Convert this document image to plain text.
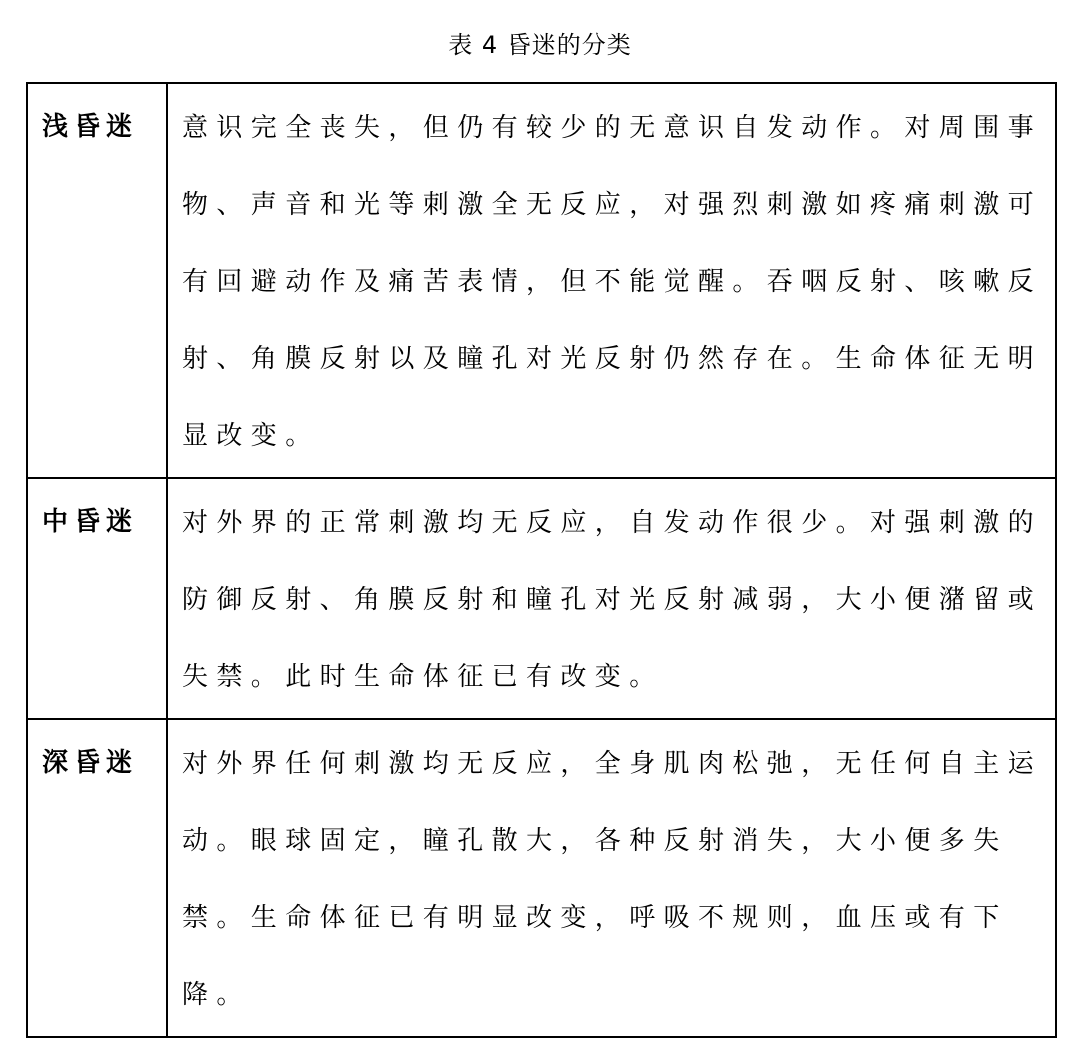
表 4 昏迷的分类
浅昏迷	意识完全丧失，但仍有较少的无意识自发动作。对周围事物、声音和光等刺激全无反应，对强烈刺激如疼痛刺激可有回避动作及痛苦表情，但不能觉醒。吞咽反射、咳嗽反射、角膜反射以及瞳孔对光反射仍然存在。生命体征无明显改变。
中昏迷	对外界的正常刺激均无反应，自发动作很少。对强刺激的防御反射、角膜反射和瞳孔对光反射减弱，大小便潴留或失禁。此时生命体征已有改变。
深昏迷	对外界任何刺激均无反应，全身肌肉松弛，无任何自主运动。眼球固定，瞳孔散大，各种反射消失，大小便多失禁。生命体征已有明显改变，呼吸不规则，血压或有下降。
